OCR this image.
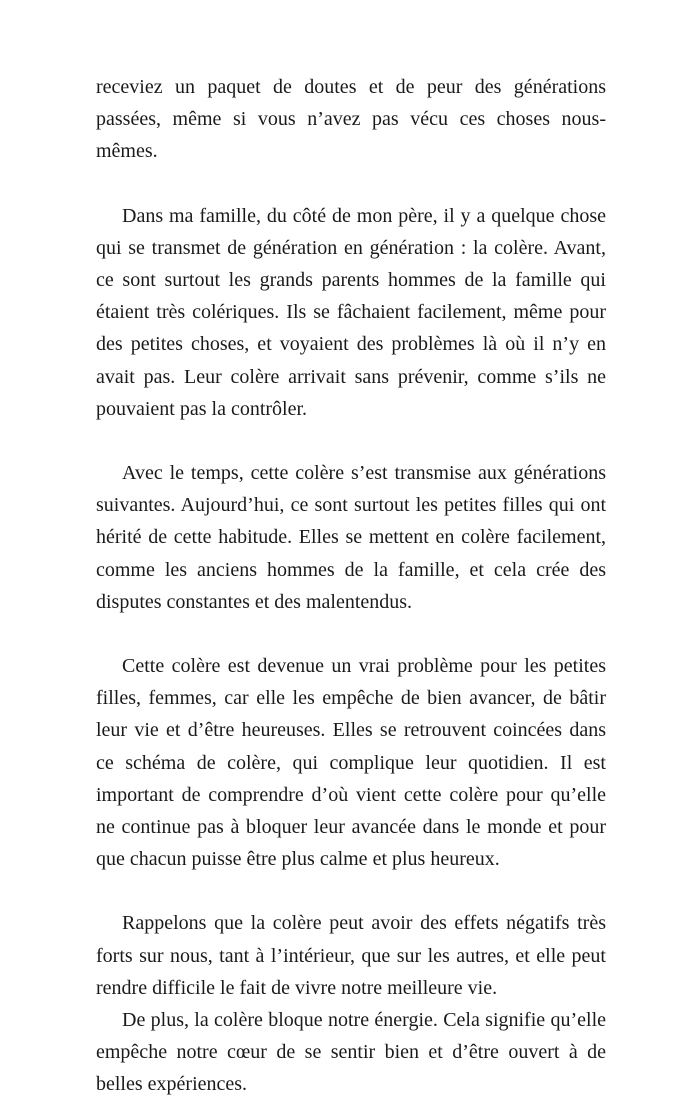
receviez un paquet de doutes et de peur des générations passées, même si vous n’avez pas vécu ces choses nous-mêmes.

Dans ma famille, du côté de mon père, il y a quelque chose qui se transmet de génération en génération : la colère. Avant, ce sont surtout les grands parents hommes de la famille qui étaient très colériques. Ils se fâchaient facilement, même pour des petites choses, et voyaient des problèmes là où il n’y en avait pas. Leur colère arrivait sans prévenir, comme s’ils ne pouvaient pas la contrôler.

Avec le temps, cette colère s’est transmise aux générations suivantes. Aujourd’hui, ce sont surtout les petites filles qui ont hérité de cette habitude. Elles se mettent en colère facilement, comme les anciens hommes de la famille, et cela crée des disputes constantes et des malentendus.

Cette colère est devenue un vrai problème pour les petites filles, femmes, car elle les empêche de bien avancer, de bâtir leur vie et d’être heureuses. Elles se retrouvent coincées dans ce schéma de colère, qui complique leur quotidien. Il est important de comprendre d’où vient cette colère pour qu’elle ne continue pas à bloquer leur avancée dans le monde et pour que chacun puisse être plus calme et plus heureux.

Rappelons que la colère peut avoir des effets négatifs très forts sur nous, tant à l’intérieur, que sur les autres, et elle peut rendre difficile le fait de vivre notre meilleure vie.

De plus, la colère bloque notre énergie. Cela signifie qu’elle empêche notre cœur de se sentir bien et d’être ouvert à de belles expériences.
